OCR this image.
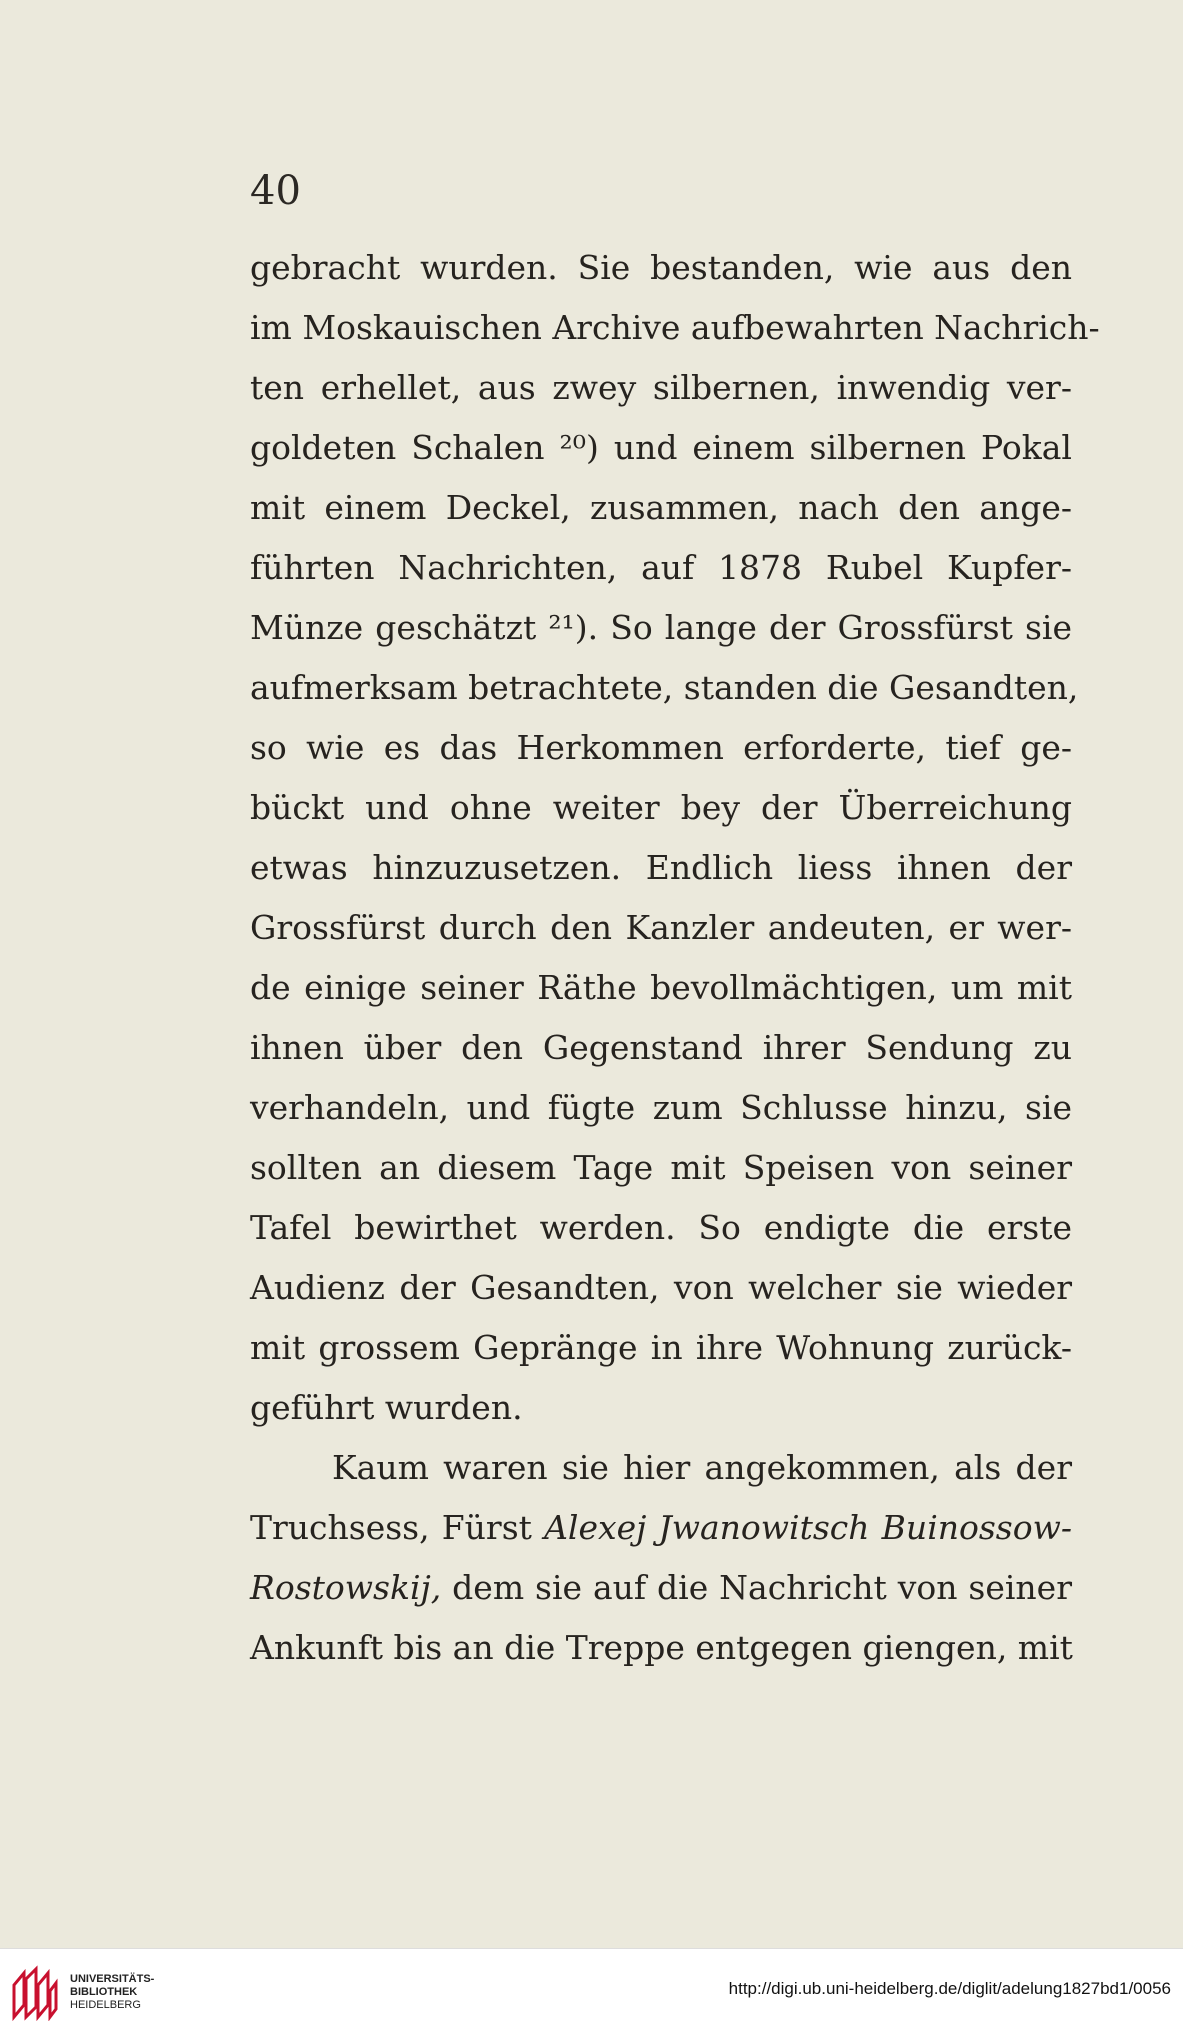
40
gebracht wurden. Sie bestanden, wie aus den
im Moskauischen Archive aufbewahrten Nachrich-
ten erhellet, aus zwey silbernen, inwendig ver-
goldeten Schalen ²⁰) und einem silbernen Pokal
mit einem Deckel, zusammen, nach den ange-
führten Nachrichten, auf 1878 Rubel Kupfer-
Münze geschätzt ²¹). So lange der Grossfürst sie
aufmerksam betrachtete, standen die Gesandten,
so wie es das Herkommen erforderte, tief ge-
bückt und ohne weiter bey der Überreichung
etwas hinzuzusetzen. Endlich liess ihnen der
Grossfürst durch den Kanzler andeuten, er wer-
de einige seiner Räthe bevollmächtigen, um mit
ihnen über den Gegenstand ihrer Sendung zu
verhandeln, und fügte zum Schlusse hinzu, sie
sollten an diesem Tage mit Speisen von seiner
Tafel bewirthet werden. So endigte die erste
Audienz der Gesandten, von welcher sie wieder
mit grossem Gepränge in ihre Wohnung zurück-
geführt wurden.
Kaum waren sie hier angekommen, als der
Truchsess, Fürst Alexej Jwanowitsch Buinossow-
Rostowskij, dem sie auf die Nachricht von seiner
Ankunft bis an die Treppe entgegen giengen, mit
UNIVERSITÄTS-
BIBLIOTHEK
HEIDELBERG
http://digi.ub.uni-heidelberg.de/diglit/adelung1827bd1/0056
